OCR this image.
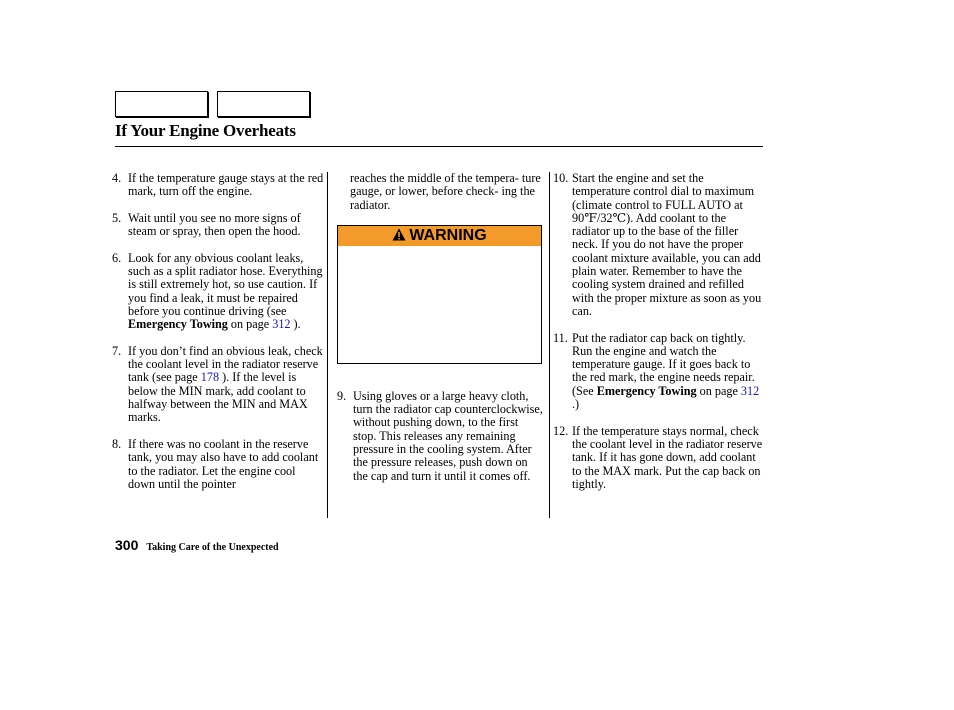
If Your Engine Overheats
4. If the temperature gauge stays at the red mark, turn off the engine.
5. Wait until you see no more signs of steam or spray, then open the hood.
6. Look for any obvious coolant leaks, such as a split radiator hose. Everything is still extremely hot, so use caution. If you find a leak, it must be repaired before you continue driving (see Emergency Towing on page 312 ).
7. If you don’t find an obvious leak, check the coolant level in the radiator reserve tank (see page 178 ). If the level is below the MIN mark, add coolant to halfway between the MIN and MAX marks.
8. If there was no coolant in the reserve tank, you may also have to add coolant to the radiator. Let the engine cool down until the pointer
reaches the middle of the tempera- ture gauge, or lower, before check- ing the radiator.
WARNING
9. Using gloves or a large heavy cloth, turn the radiator cap counterclockwise, without pushing down, to the first stop. This releases any remaining pressure in the cooling system. After the pressure releases, push down on the cap and turn it until it comes off.
10. Start the engine and set the temperature control dial to maximum (climate control to FULL AUTO at 90℉/32℃). Add coolant to the radiator up to the base of the filler neck. If you do not have the proper coolant mixture available, you can add plain water. Remember to have the cooling system drained and refilled with the proper mixture as soon as you can.
11. Put the radiator cap back on tightly. Run the engine and watch the temperature gauge. If it goes back to the red mark, the engine needs repair. (See Emergency Towing on page 312 .)
12. If the temperature stays normal, check the coolant level in the radiator reserve tank. If it has gone down, add coolant to the MAX mark. Put the cap back on tightly.
300 Taking Care of the Unexpected
